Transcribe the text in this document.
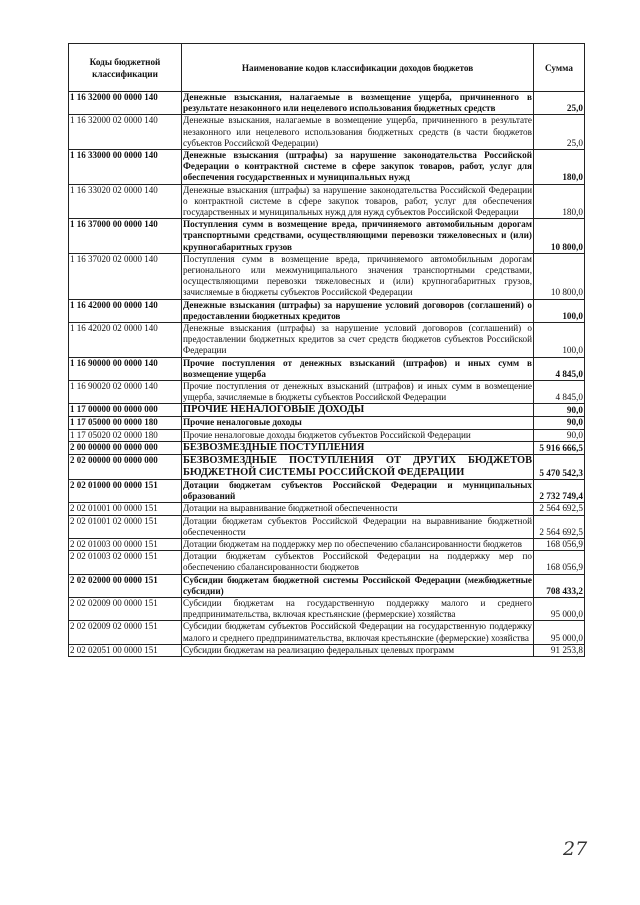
Коды бюджетной классификации	Наименование кодов классификации доходов бюджетов	Сумма
1 16 32000 00 0000 140	Денежные взыскания, налагаемые в возмещение ущерба, причиненного в результате незаконного или нецелевого использования бюджетных средств	25,0
1 16 32000 02 0000 140	Денежные взыскания, налагаемые в возмещение ущерба, причиненного в результате незаконного или нецелевого использования бюджетных средств (в части бюджетов субъектов Российской Федерации)	25,0
1 16 33000 00 0000 140	Денежные взыскания (штрафы) за нарушение законодательства Российской Федерации о контрактной системе в сфере закупок товаров, работ, услуг для обеспечения государственных и муниципальных нужд	180,0
1 16 33020 02 0000 140	Денежные взыскания (штрафы) за нарушение законодательства Российской Федерации о контрактной системе в сфере закупок товаров, работ, услуг для обеспечения государственных и муниципальных нужд для нужд субъектов Российской Федерации	180,0
1 16 37000 00 0000 140	Поступления сумм в возмещение вреда, причиняемого автомобильным дорогам транспортными средствами, осуществляющими перевозки тяжеловесных и (или) крупногабаритных грузов	10 800,0
1 16 37020 02 0000 140	Поступления сумм в возмещение вреда, причиняемого автомобильным дорогам регионального или межмуниципального значения транспортными средствами, осуществляющими перевозки тяжеловесных и (или) крупногабаритных грузов, зачисляемые в бюджеты субъектов Российской Федерации	10 800,0
1 16 42000 00 0000 140	Денежные взыскания (штрафы) за нарушение условий договоров (соглашений) о предоставлении бюджетных кредитов	100,0
1 16 42020 02 0000 140	Денежные взыскания (штрафы) за нарушение условий договоров (соглашений) о предоставлении бюджетных кредитов за счет средств бюджетов субъектов Российской Федерации	100,0
1 16 90000 00 0000 140	Прочие поступления от денежных взысканий (штрафов) и иных сумм в возмещение ущерба	4 845,0
1 16 90020 02 0000 140	Прочие поступления от денежных взысканий (штрафов) и иных сумм в возмещение ущерба, зачисляемые в бюджеты субъектов Российской Федерации	4 845,0
1 17 00000 00 0000 000	ПРОЧИЕ НЕНАЛОГОВЫЕ ДОХОДЫ	90,0
1 17 05000 00 0000 180	Прочие неналоговые доходы	90,0
1 17 05020 02 0000 180	Прочие неналоговые доходы бюджетов субъектов Российской Федерации	90,0
2 00 00000 00 0000 000	БЕЗВОЗМЕЗДНЫЕ ПОСТУПЛЕНИЯ	5 916 666,5
2 02 00000 00 0000 000	БЕЗВОЗМЕЗДНЫЕ ПОСТУПЛЕНИЯ ОТ ДРУГИХ БЮДЖЕТОВ БЮДЖЕТНОЙ СИСТЕМЫ РОССИЙСКОЙ ФЕДЕРАЦИИ	5 470 542,3
2 02 01000 00 0000 151	Дотации бюджетам субъектов Российской Федерации и муниципальных образований	2 732 749,4
2 02 01001 00 0000 151	Дотации на выравнивание бюджетной обеспеченности	2 564 692,5
2 02 01001 02 0000 151	Дотации бюджетам субъектов Российской Федерации на выравнивание бюджетной обеспеченности	2 564 692,5
2 02 01003 00 0000 151	Дотации бюджетам на поддержку мер по обеспечению сбалансированности бюджетов	168 056,9
2 02 01003 02 0000 151	Дотации бюджетам субъектов Российской Федерации на поддержку мер по обеспечению сбалансированности бюджетов	168 056,9
2 02 02000 00 0000 151	Субсидии бюджетам бюджетной системы Российской Федерации (межбюджетные субсидии)	708 433,2
2 02 02009 00 0000 151	Субсидии бюджетам на государственную поддержку малого и среднего предпринимательства, включая крестьянские (фермерские) хозяйства	95 000,0
2 02 02009 02 0000 151	Субсидии бюджетам субъектов Российской Федерации на государственную поддержку малого и среднего предпринимательства, включая крестьянские (фермерские) хозяйства	95 000,0
2 02 02051 00 0000 151	Субсидии бюджетам на реализацию федеральных целевых программ	91 253,8
27
